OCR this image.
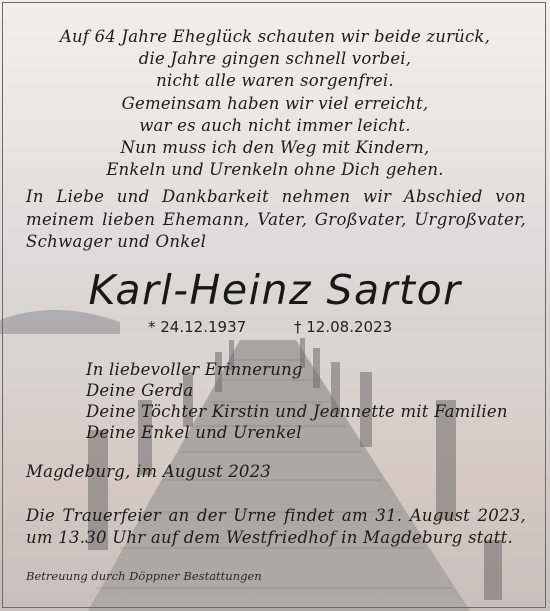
Auf 64 Jahre Eheglück schauten wir beide zurück,
die Jahre gingen schnell vorbei,
nicht alle waren sorgenfrei.
Gemeinsam haben wir viel erreicht,
war es auch nicht immer leicht.
Nun muss ich den Weg mit Kindern,
Enkeln und Urenkeln ohne Dich gehen.
In Liebe und Dankbarkeit nehmen wir Abschied von meinem lieben Ehemann, Vater, Großvater, Urgroßvater, Schwager und Onkel
Karl-Heinz Sartor
* 24.12.1937	† 12.08.2023
In liebevoller Erinnerung
Deine Gerda
Deine Töchter Kirstin und Jeannette mit Familien
Deine Enkel und Urenkel
Magdeburg, im August 2023
Die Trauerfeier an der Urne findet am 31. August 2023, um 13.30 Uhr auf dem Westfriedhof in Magdeburg statt.
Betreuung durch Döppner Bestattungen
